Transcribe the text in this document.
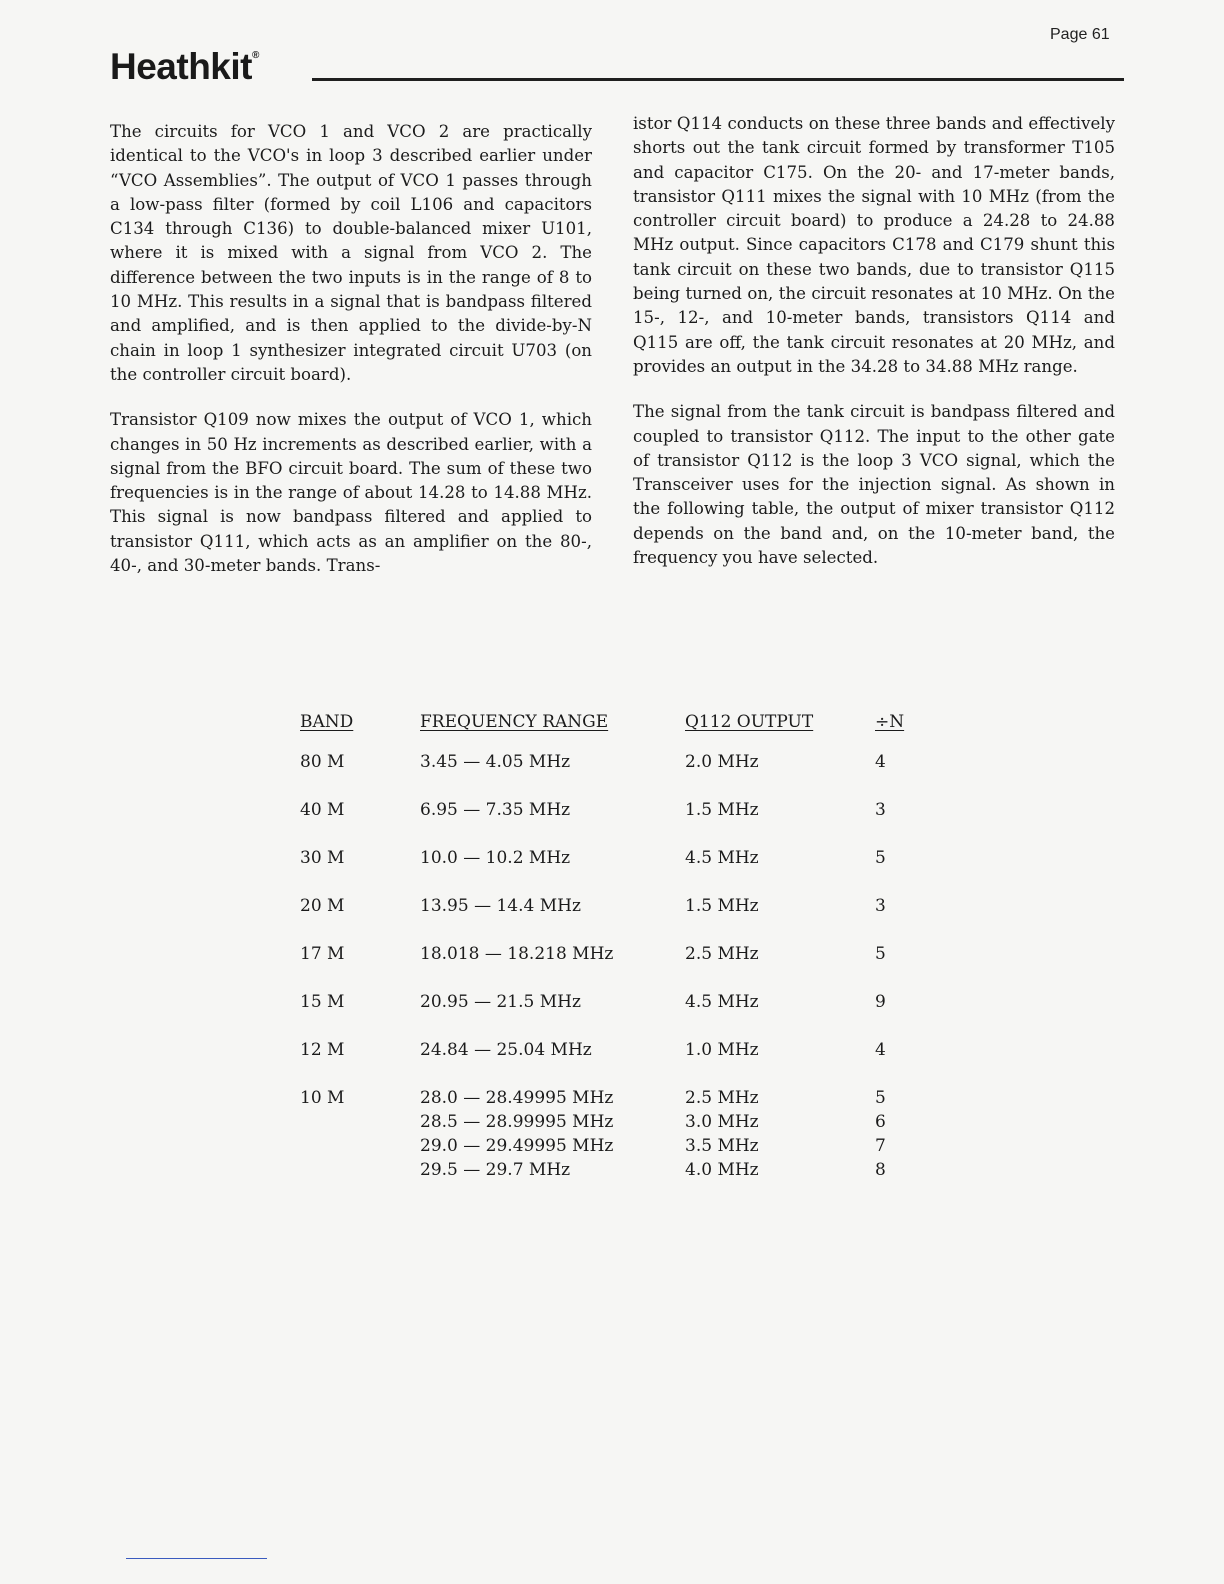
Page 61
Heathkit®

The circuits for VCO 1 and VCO 2 are practically identical to the VCO's in loop 3 described earlier under “VCO Assemblies”. The output of VCO 1 passes through a low-pass filter (formed by coil L106 and capacitors C134 through C136) to double-balanced mixer U101, where it is mixed with a signal from VCO 2. The difference between the two inputs is in the range of 8 to 10 MHz. This results in a signal that is bandpass filtered and amplified, and is then applied to the divide-by-N chain in loop 1 synthesizer integrated circuit U703 (on the controller circuit board).

Transistor Q109 now mixes the output of VCO 1, which changes in 50 Hz increments as described earlier, with a signal from the BFO circuit board. The sum of these two frequencies is in the range of about 14.28 to 14.88 MHz. This signal is now bandpass filtered and applied to transistor Q111, which acts as an amplifier on the 80-, 40-, and 30-meter bands. Trans-

istor Q114 conducts on these three bands and effectively shorts out the tank circuit formed by transformer T105 and capacitor C175. On the 20- and 17-meter bands, transistor Q111 mixes the signal with 10 MHz (from the controller circuit board) to produce a 24.28 to 24.88 MHz output. Since capacitors C178 and C179 shunt this tank circuit on these two bands, due to transistor Q115 being turned on, the circuit resonates at 10 MHz. On the 15-, 12-, and 10-meter bands, transistors Q114 and Q115 are off, the tank circuit resonates at 20 MHz, and provides an output in the 34.28 to 34.88 MHz range.

The signal from the tank circuit is bandpass filtered and coupled to transistor Q112. The input to the other gate of transistor Q112 is the loop 3 VCO signal, which the Transceiver uses for the injection signal. As shown in the following table, the output of mixer transistor Q112 depends on the band and, on the 10-meter band, the frequency you have selected.

BAND	FREQUENCY RANGE	Q112 OUTPUT	÷N
80 M	3.45 — 4.05 MHz	2.0 MHz	4
40 M	6.95 — 7.35 MHz	1.5 MHz	3
30 M	10.0 — 10.2 MHz	4.5 MHz	5
20 M	13.95 — 14.4 MHz	1.5 MHz	3
17 M	18.018 — 18.218 MHz	2.5 MHz	5
15 M	20.95 — 21.5 MHz	4.5 MHz	9
12 M	24.84 — 25.04 MHz	1.0 MHz	4
10 M	28.0 — 28.49995 MHz	2.5 MHz	5
28.5 — 28.99995 MHz	3.0 MHz	6
29.0 — 29.49995 MHz	3.5 MHz	7
29.5 — 29.7 MHz	4.0 MHz	8
